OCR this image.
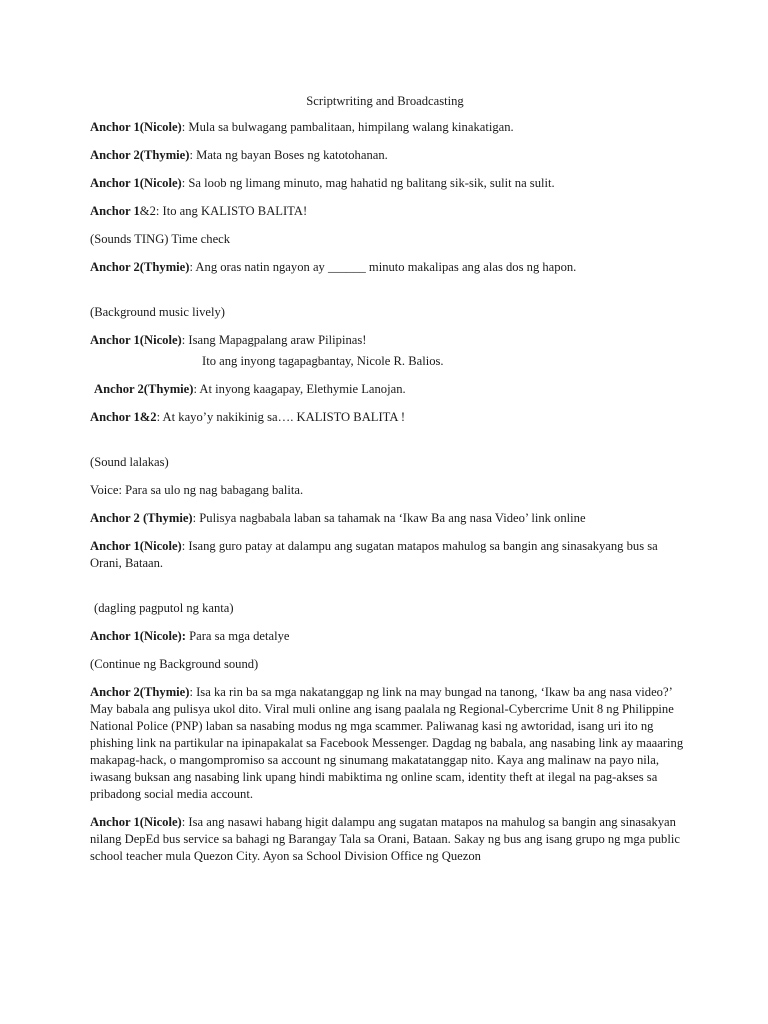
Scriptwriting and Broadcasting
Anchor 1(Nicole): Mula sa bulwagang pambalitaan, himpilang walang kinakatigan.
Anchor 2(Thymie): Mata ng bayan Boses ng katotohanan.
Anchor 1(Nicole): Sa loob ng limang minuto, mag hahatid ng balitang sik-sik, sulit na sulit.
Anchor 1&2: Ito ang KALISTO BALITA!
(Sounds TING) Time check
Anchor 2(Thymie): Ang oras natin ngayon ay ______ minuto makalipas ang alas dos ng hapon.
(Background music lively)
Anchor 1(Nicole): Isang Mapagpalang araw Pilipinas!
Ito ang inyong tagapagbantay, Nicole R. Balios.
Anchor 2(Thymie): At inyong kaagapay, Elethymie Lanojan.
Anchor 1&2: At kayo’y nakikinig sa…. KALISTO BALITA !
(Sound lalakas)
Voice: Para sa ulo ng nag babagang balita.
Anchor 2 (Thymie): Pulisya nagbabala laban sa tahamak na ‘Ikaw Ba ang nasa Video’ link online
Anchor 1(Nicole): Isang guro patay at dalampu ang sugatan matapos mahulog sa bangin ang sinasakyang bus sa Orani, Bataan.
(dagling pagputol ng kanta)
Anchor 1(Nicole): Para sa mga detalye
(Continue ng Background sound)
Anchor 2(Thymie): Isa ka rin ba sa mga nakatanggap ng link na may bungad na tanong, ‘Ikaw ba ang nasa video?’ May babala ang pulisya ukol dito. Viral muli online ang isang paalala ng Regional-Cybercrime Unit 8 ng Philippine National Police (PNP) laban sa nasabing modus ng mga scammer. Paliwanag kasi ng awtoridad, isang uri ito ng phishing link na partikular na ipinapakalat sa Facebook Messenger. Dagdag ng babala, ang nasabing link ay maaaring makapag-hack, o mangompromiso sa account ng sinumang makatatanggap nito. Kaya ang malinaw na payo nila, iwasang buksan ang nasabing link upang hindi mabiktima ng online scam, identity theft at ilegal na pag-akses sa pribadong social media account.
Anchor 1(Nicole): Isa ang nasawi habang higit dalampu ang sugatan matapos na mahulog sa bangin ang sinasakyan nilang DepEd bus service sa bahagi ng Barangay Tala sa Orani, Bataan. Sakay ng bus ang isang grupo ng mga public school teacher mula Quezon City. Ayon sa School Division Office ng Quezon
